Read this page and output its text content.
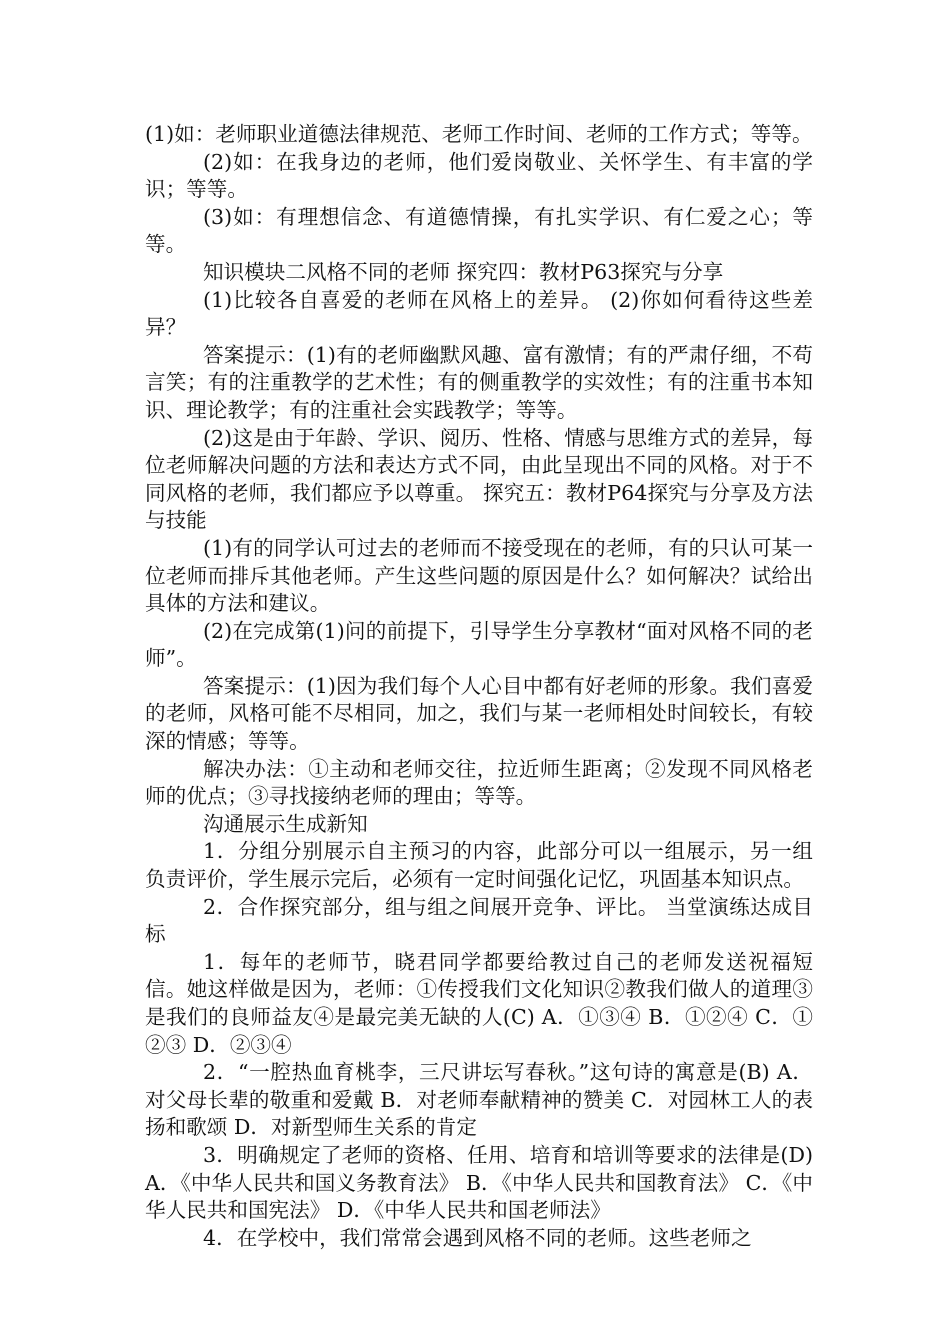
(1)如：老师职业道德法律规范、老师工作时间、老师的工作方式；等等。

(2)如：在我身边的老师，他们爱岗敬业、关怀学生、有丰富的学识；等等。

(3)如：有理想信念、有道德情操，有扎实学识、有仁爱之心；等等。

知识模块二风格不同的老师 探究四：教材P63探究与分享

(1)比较各自喜爱的老师在风格上的差异。 (2)你如何看待这些差异？

答案提示：(1)有的老师幽默风趣、富有激情；有的严肃仔细，不苟言笑；有的注重教学的艺术性；有的侧重教学的实效性；有的注重书本知识、理论教学；有的注重社会实践教学；等等。

(2)这是由于年龄、学识、阅历、性格、情感与思维方式的差异，每位老师解决问题的方法和表达方式不同，由此呈现出不同的风格。对于不同风格的老师，我们都应予以尊重。 探究五：教材P64探究与分享及方法与技能

(1)有的同学认可过去的老师而不接受现在的老师，有的只认可某一位老师而排斥其他老师。产生这些问题的原因是什么？如何解决？试给出具体的方法和建议。

(2)在完成第(1)问的前提下，引导学生分享教材“面对风格不同的老师”。

答案提示：(1)因为我们每个人心目中都有好老师的形象。我们喜爱的老师，风格可能不尽相同，加之，我们与某一老师相处时间较长，有较深的情感；等等。

解决办法：①主动和老师交往，拉近师生距离；②发现不同风格老师的优点；③寻找接纳老师的理由；等等。

沟通展示生成新知

1．分组分别展示自主预习的内容，此部分可以一组展示，另一组负责评价，学生展示完后，必须有一定时间强化记忆，巩固基本知识点。

2．合作探究部分，组与组之间展开竞争、评比。 当堂演练达成目标

1．每年的老师节，晓君同学都要给教过自己的老师发送祝福短信。她这样做是因为，老师：①传授我们文化知识②教我们做人的道理③是我们的良师益友④是最完美无缺的人(C) A．①③④ B．①②④ C．①②③ D．②③④

2．“一腔热血育桃李，三尺讲坛写春秋。”这句诗的寓意是(B) A．对父母长辈的敬重和爱戴 B．对老师奉献精神的赞美 C．对园林工人的表扬和歌颂 D．对新型师生关系的肯定

3．明确规定了老师的资格、任用、培育和培训等要求的法律是(D) A．《中华人民共和国义务教育法》 B．《中华人民共和国教育法》 C．《中华人民共和国宪法》 D．《中华人民共和国老师法》

4．在学校中，我们常常会遇到风格不同的老师。这些老师之
